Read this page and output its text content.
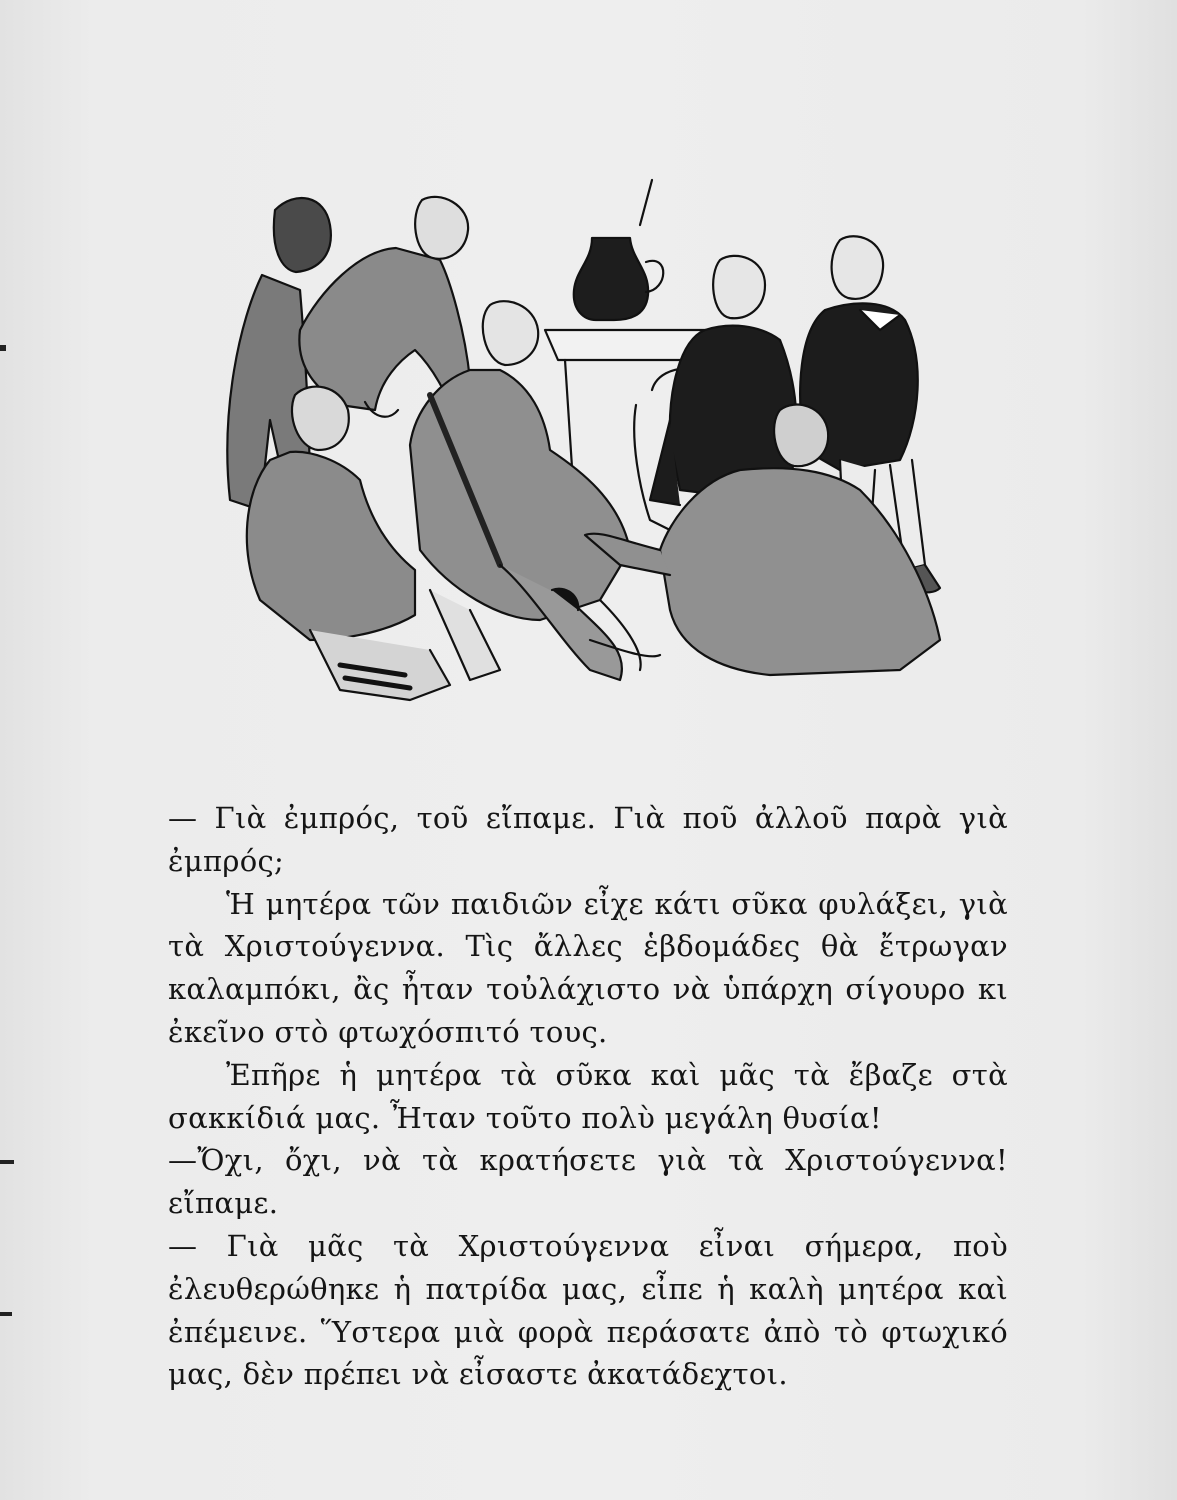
— Γιὰ ἐμπρός, τοῦ εἴπαμε. Γιὰ ποῦ ἀλλοῦ παρὰ γιὰ ἐμπρός;

Ἡ μητέρα τῶν παιδιῶν εἶχε κάτι σῦκα φυλάξει, γιὰ τὰ Χριστούγεννα. Τὶς ἄλλες ἑβδομάδες θὰ ἔτρωγαν καλαμπόκι, ἂς ἦταν τοὐλάχιστο νὰ ὑπάρχη σίγουρο κι ἐκεῖνο στὸ φτωχόσπιτό τους.

Ἐπῆρε ἡ μητέρα τὰ σῦκα καὶ μᾶς τὰ ἔβαζε στὰ σακκίδιά μας. Ἦταν τοῦτο πολὺ μεγάλη θυσία!

—Ὄχι, ὄχι, νὰ τὰ κρατήσετε γιὰ τὰ Χριστούγεννα! εἴπαμε.

— Γιὰ μᾶς τὰ Χριστούγεννα εἶναι σήμερα, ποὺ ἐλευθερώθηκε ἡ πατρίδα μας, εἶπε ἡ καλὴ μητέρα καὶ ἐπέμεινε. Ὕστερα μιὰ φορὰ περάσατε ἀπὸ τὸ φτωχικό μας, δὲν πρέπει νὰ εἶσαστε ἀκατάδεχτοι.
